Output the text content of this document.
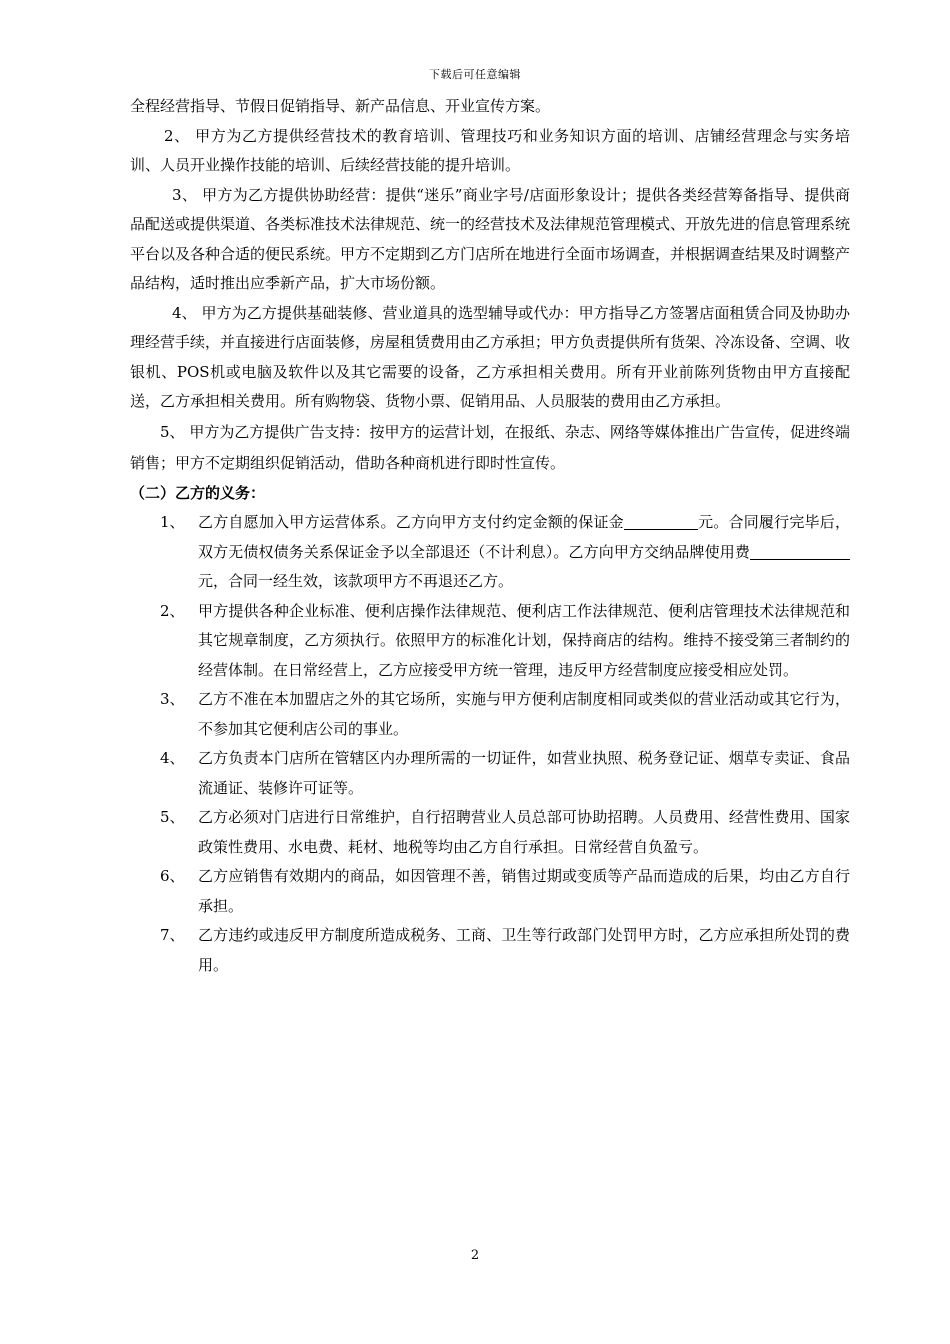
下载后可任意编辑

全程经营指导、节假日促销指导、新产品信息、开业宣传方案。

2、 甲方为乙方提供经营技术的教育培训、管理技巧和业务知识方面的培训、店铺经营理念与实务培训、人员开业操作技能的培训、后续经营技能的提升培训。

3、 甲方为乙方提供协助经营：提供“迷乐”商业字号/店面形象设计；提供各类经营筹备指导、提供商品配送或提供渠道、各类标准技术法律规范、统一的经营技术及法律规范管理模式、开放先进的信息管理系统平台以及各种合适的便民系统。甲方不定期到乙方门店所在地进行全面市场调查，并根据调查结果及时调整产品结构，适时推出应季新产品，扩大市场份额。

4、 甲方为乙方提供基础装修、营业道具的选型辅导或代办：甲方指导乙方签署店面租赁合同及协助办理经营手续，并直接进行店面装修，房屋租赁费用由乙方承担；甲方负责提供所有货架、冷冻设备、空调、收银机、POS机或电脑及软件以及其它需要的设备，乙方承担相关费用。所有开业前陈列货物由甲方直接配送，乙方承担相关费用。所有购物袋、货物小票、促销用品、人员服装的费用由乙方承担。

5、 甲方为乙方提供广告支持：按甲方的运营计划，在报纸、杂志、网络等媒体推出广告宣传，促进终端销售；甲方不定期组织促销活动，借助各种商机进行即时性宣传。

（二）乙方的义务：

1、 乙方自愿加入甲方运营体系。乙方向甲方支付约定金额的保证金	元。合同履行完毕后，双方无债权债务关系保证金予以全部退还（不计利息）。乙方向甲方交纳品牌使用费元，合同一经生效，该款项甲方不再退还乙方。
2、 甲方提供各种企业标准、便利店操作法律规范、便利店工作法律规范、便利店管理技术法律规范和其它规章制度，乙方须执行。依照甲方的标准化计划，保持商店的结构。维持不接受第三者制约的经营体制。在日常经营上，乙方应接受甲方统一管理，违反甲方经营制度应接受相应处罚。
3、 乙方不准在本加盟店之外的其它场所，实施与甲方便利店制度相同或类似的营业活动或其它行为，不参加其它便利店公司的事业。
4、 乙方负责本门店所在管辖区内办理所需的一切证件，如营业执照、税务登记证、烟草专卖证、食品流通证、装修许可证等。
5、 乙方必须对门店进行日常维护，自行招聘营业人员总部可协助招聘。人员费用、经营性费用、国家政策性费用、水电费、耗材、地税等均由乙方自行承担。日常经营自负盈亏。
6、 乙方应销售有效期内的商品，如因管理不善，销售过期或变质等产品而造成的后果，均由乙方自行承担。
7、 乙方违约或违反甲方制度所造成税务、工商、卫生等行政部门处罚甲方时，乙方应承担所处罚的费用。
2
